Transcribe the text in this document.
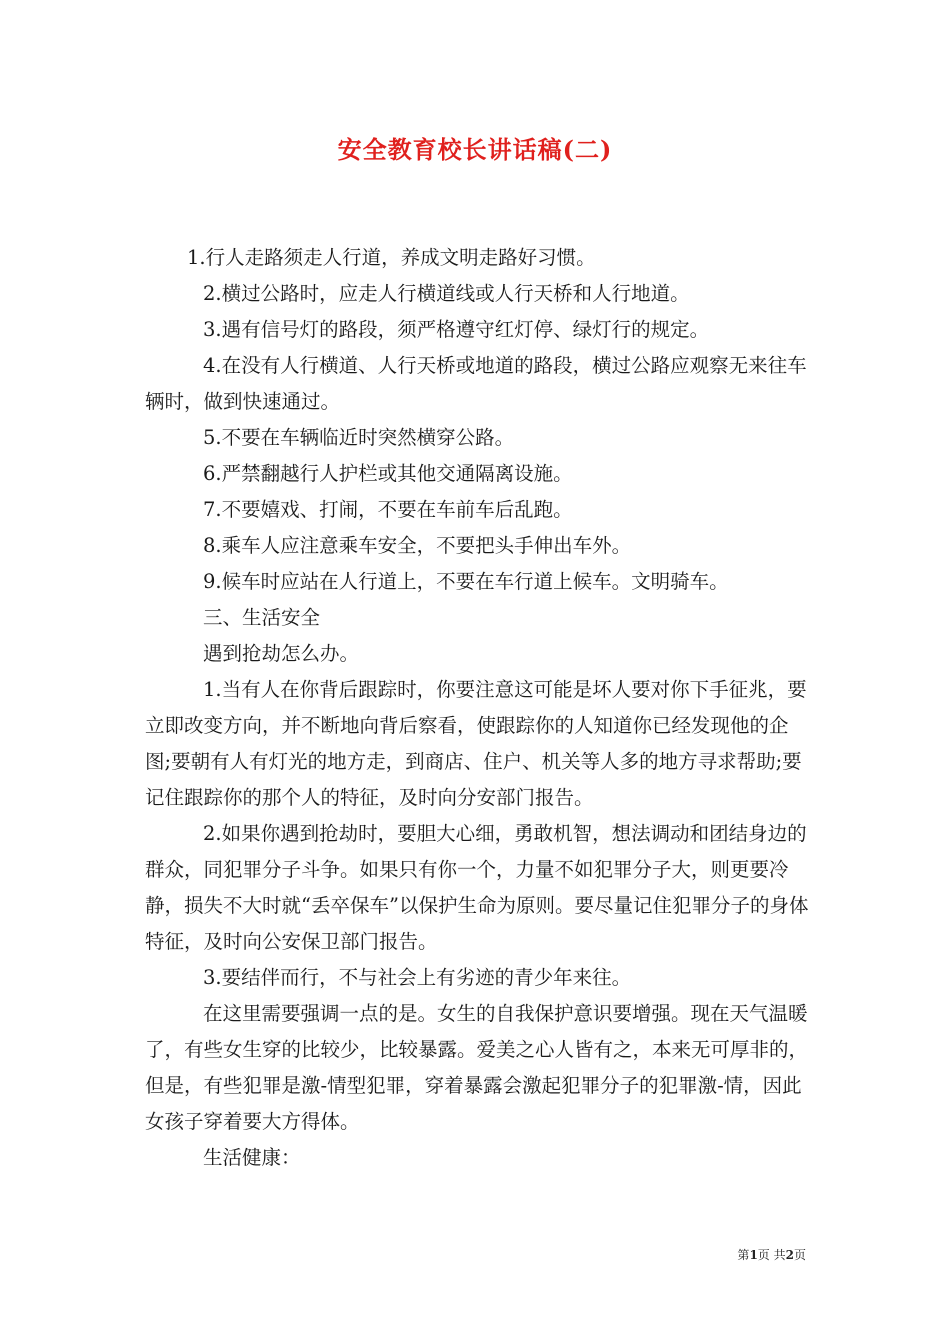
安全教育校长讲话稿(二)

1.行人走路须走人行道，养成文明走路好习惯。

2.横过公路时，应走人行横道线或人行天桥和人行地道。

3.遇有信号灯的路段，须严格遵守红灯停、绿灯行的规定。

4.在没有人行横道、人行天桥或地道的路段，横过公路应观察无来往车辆时，做到快速通过。

5.不要在车辆临近时突然横穿公路。

6.严禁翻越行人护栏或其他交通隔离设施。

7.不要嬉戏、打闹，不要在车前车后乱跑。

8.乘车人应注意乘车安全，不要把头手伸出车外。

9.候车时应站在人行道上，不要在车行道上候车。文明骑车。

三、生活安全

遇到抢劫怎么办。

1.当有人在你背后跟踪时，你要注意这可能是坏人要对你下手征兆，要立即改变方向，并不断地向背后察看，使跟踪你的人知道你已经发现他的企图;要朝有人有灯光的地方走，到商店、住户、机关等人多的地方寻求帮助;要记住跟踪你的那个人的特征，及时向分安部门报告。

2.如果你遇到抢劫时，要胆大心细，勇敢机智，想法调动和团结身边的群众，同犯罪分子斗争。如果只有你一个，力量不如犯罪分子大，则更要冷静，损失不大时就“丢卒保车”以保护生命为原则。要尽量记住犯罪分子的身体特征，及时向公安保卫部门报告。

3.要结伴而行，不与社会上有劣迹的青少年来往。

在这里需要强调一点的是。女生的自我保护意识要增强。现在天气温暖了，有些女生穿的比较少，比较暴露。爱美之心人皆有之，本来无可厚非的，但是，有些犯罪是激-情型犯罪，穿着暴露会激起犯罪分子的犯罪激-情，因此女孩子穿着要大方得体。

生活健康：

第1页 共2页
